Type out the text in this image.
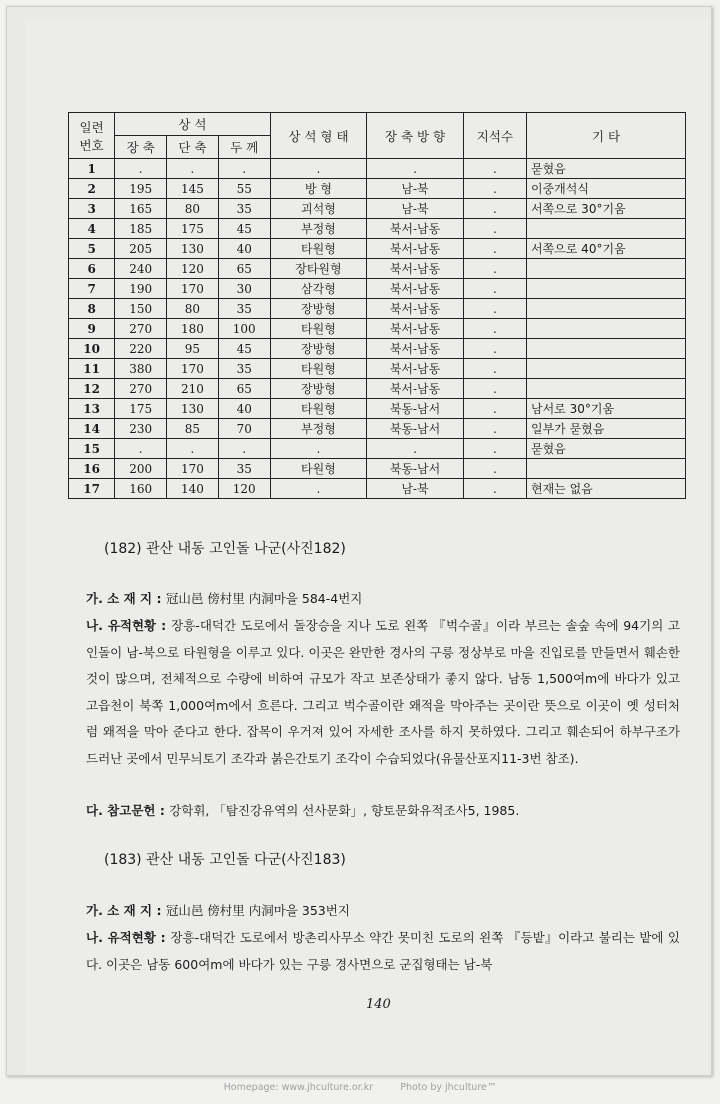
일련
번호	상 석			상 석 형 태	장 축 방 향	지석수	기 타
	장 축	단 축	두 께				
1	.	.	.	.	.	.	묻혔음
2	195	145	55	방 형	남-북	.	이중개석식
3	165	80	35	괴석형	남-북	.	서쪽으로 30°기움
4	185	175	45	부정형	북서-남동	.	
5	205	130	40	타원형	북서-남동	.	서쪽으로 40°기움
6	240	120	65	장타원형	북서-남동	.	
7	190	170	30	삼각형	북서-남동	.	
8	150	80	35	장방형	북서-남동	.	
9	270	180	100	타원형	북서-남동	.	
10	220	95	45	장방형	북서-남동	.	
11	380	170	35	타원형	북서-남동	.	
12	270	210	65	장방형	북서-남동	.	
13	175	130	40	타원형	북동-남서	.	남서로 30°기움
14	230	85	70	부정형	북동-남서	.	일부가 묻혔음
15	.	.	.	.	.	.	묻혔음
16	200	170	35	타원형	북동-남서	.	
17	160	140	120	.	남-북	.	현재는 없음
(182) 관산 내동 고인돌 나군(사진182)
가. 소 재 지 : 冠山邑 傍村里 内洞마을 584-4번지
나. 유적현황 : 장흥-대덕간 도로에서 돌장승을 지나 도로 왼쪽 『벅수골』이라 부르는 솔숲 속에 94기의 고인돌이 남-북으로 타원형을 이루고 있다. 이곳은 완만한 경사의 구릉 정상부로 마을 진입로를 만들면서 훼손한 것이 많으며, 전체적으로 수량에 비하여 규모가 작고 보존상태가 좋지 않다. 남동 1,500여m에 바다가 있고 고읍천이 북쪽 1,000여m에서 흐른다. 그리고 벅수골이란 왜적을 막아주는 곳이란 뜻으로 이곳이 옛 성터처럼 왜적을 막아 준다고 한다. 잡목이 우거져 있어 자세한 조사를 하지 못하였다. 그리고 훼손되어 하부구조가 드러난 곳에서 민무늬토기 조각과 붉은간토기 조각이 수습되었다(유물산포지11-3번 참조).
다. 참고문헌 : 강학휘, 「탐진강유역의 선사문화」, 향토문화유적조사5, 1985.
(183) 관산 내동 고인돌 다군(사진183)
가. 소 재 지 : 冠山邑 傍村里 内洞마을 353번지
나. 유적현황 : 장흥-대덕간 도로에서 방촌리사무소 약간 못미친 도로의 왼쪽 『등밭』이라고 불리는 밭에 있다. 이곳은 남동 600여m에 바다가 있는 구릉 경사면으로 군집형태는 남-북
140
Homepage: www.jhculture.or.kr	Photo by jhculture™
